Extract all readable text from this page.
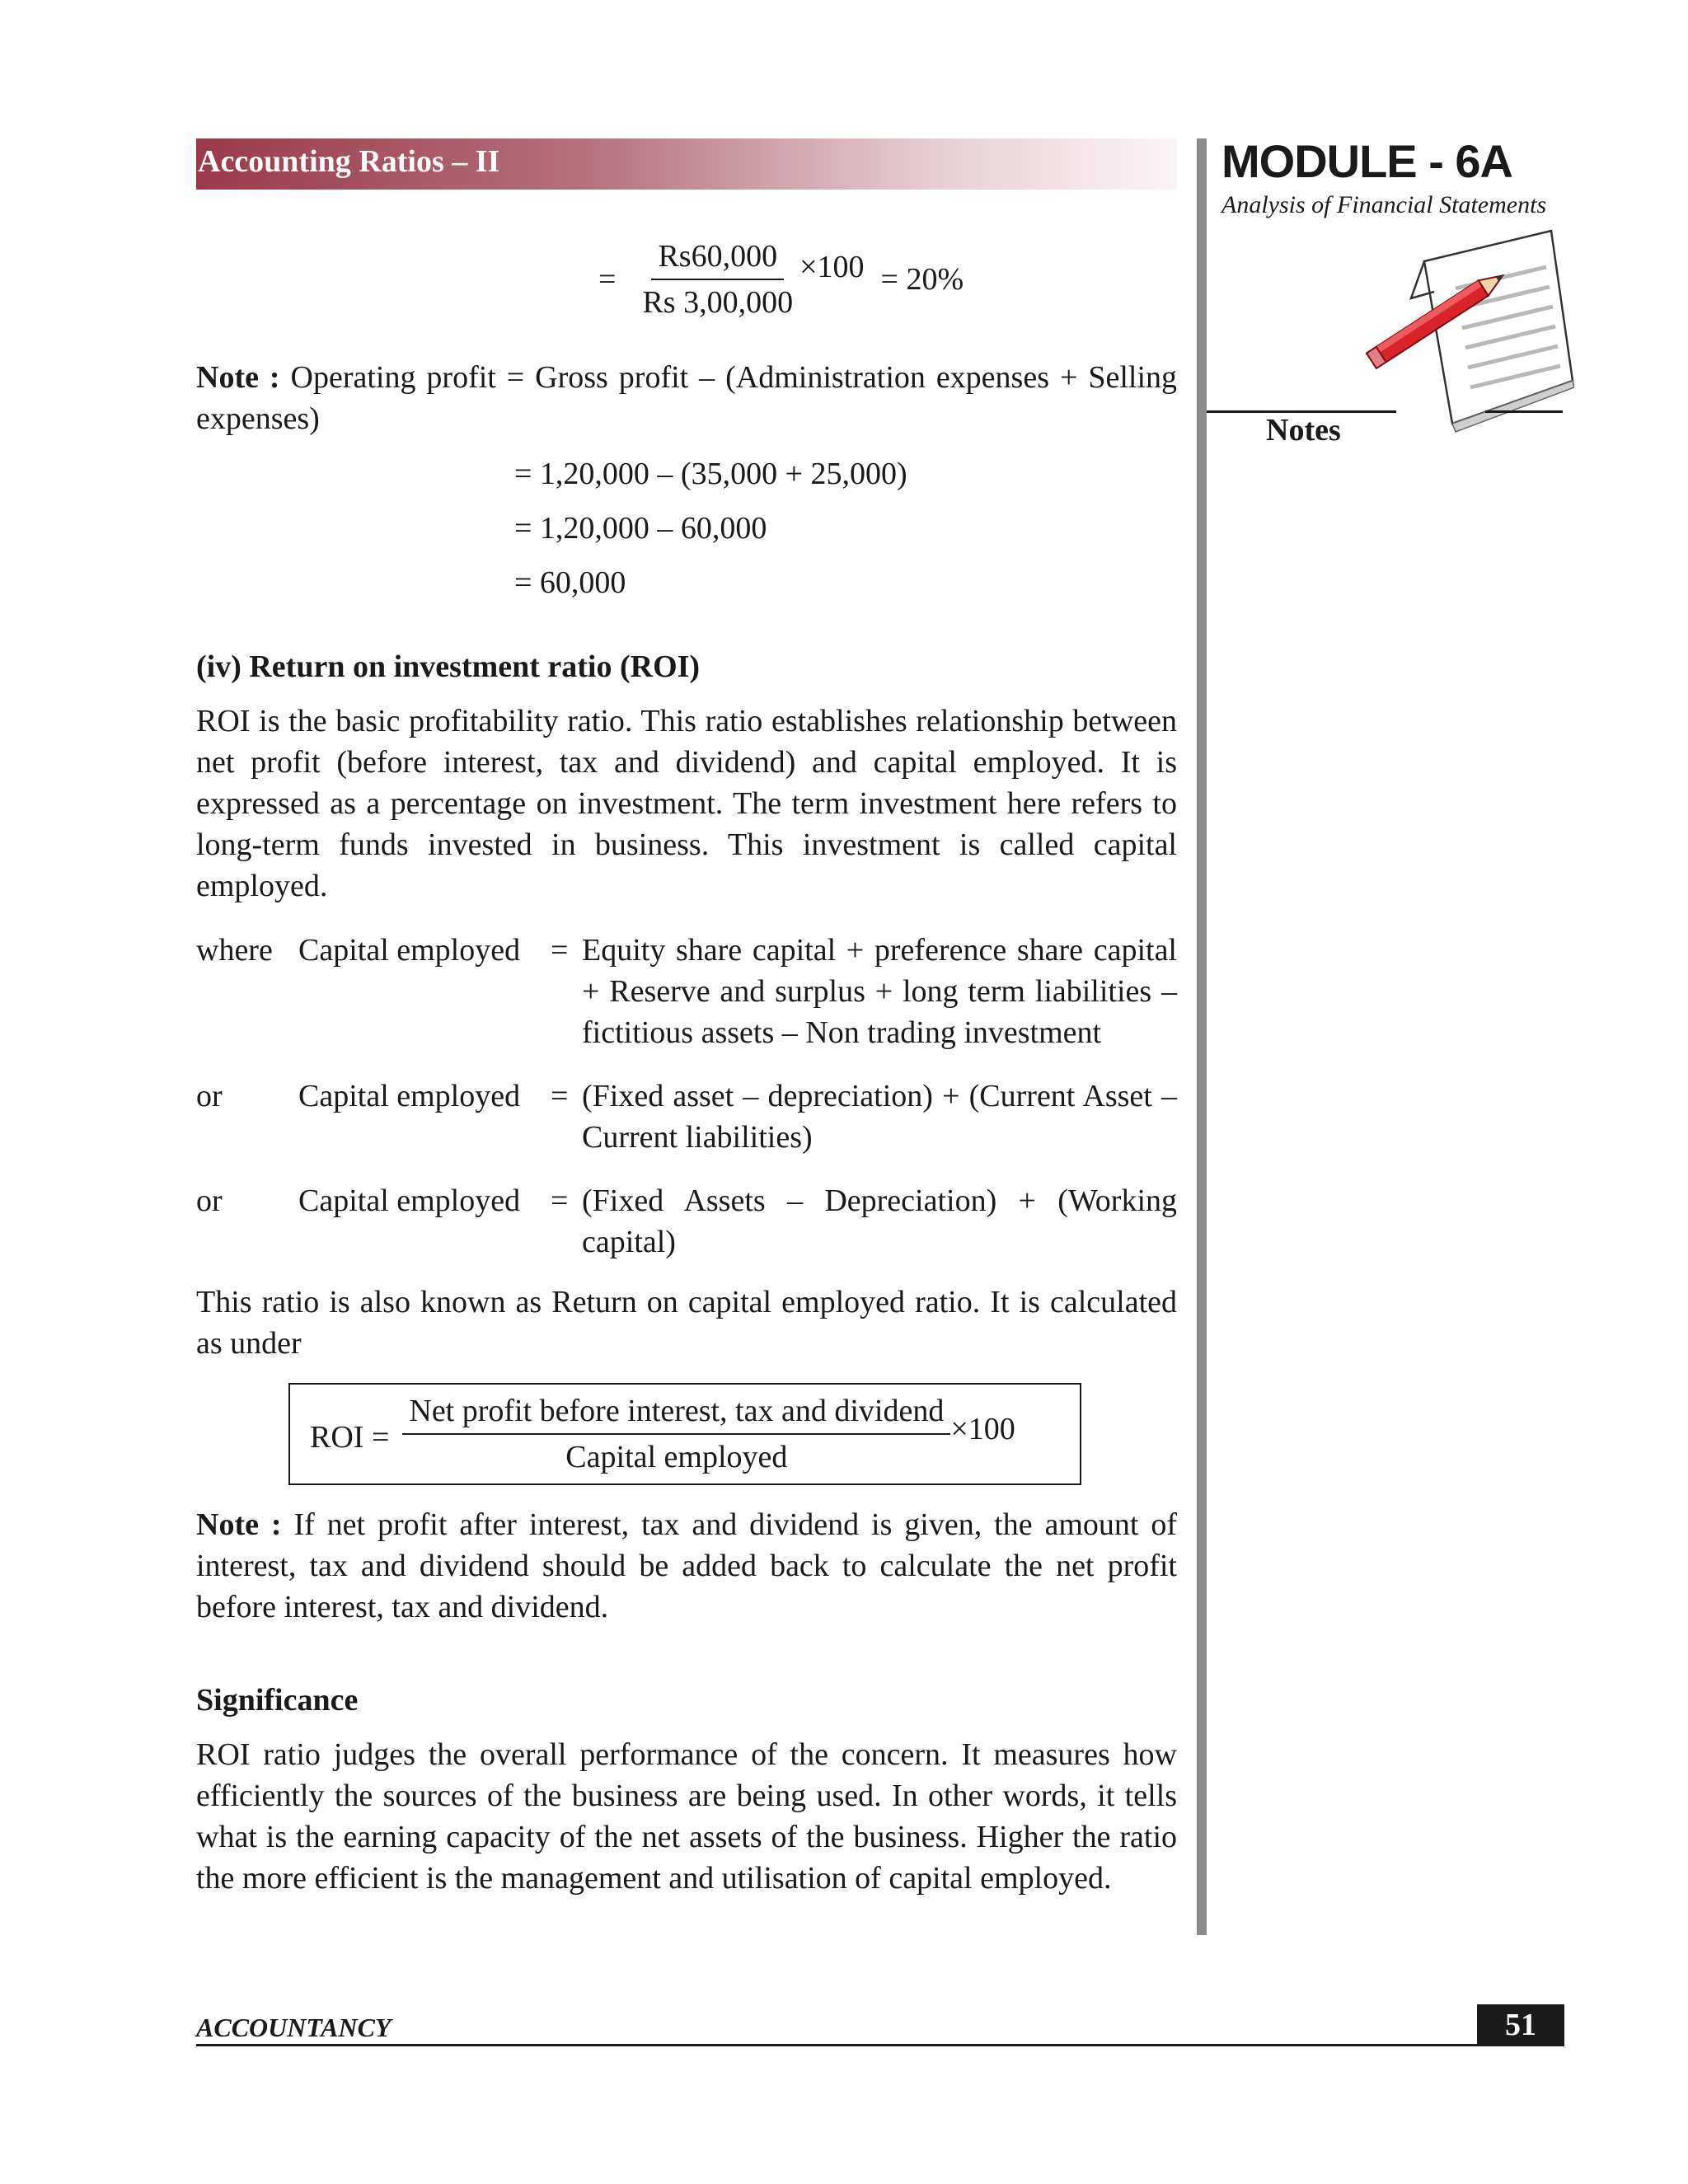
Accounting Ratios – II	MODULE - 6A
Analysis of Financial Statements
Notes
= $\frac{Rs60,000}{Rs 3,00,000} \times 100 = 20\%$
Note : Operating profit = Gross profit – (Administration expenses + Selling expenses)
= 1,20,000 – (35,000 + 25,000)
= 1,20,000 – 60,000
= 60,000
(iv) Return on investment ratio (ROI)
ROI is the basic profitability ratio. This ratio establishes relationship between net profit (before interest, tax and dividend) and capital employed. It is expressed as a percentage on investment. The term investment here refers to long-term funds invested in business. This investment is called capital employed.
where Capital employed = Equity share capital + preference share capital + Reserve and surplus + long term liabilities – fictitious assets – Non trading investment
or Capital employed = (Fixed asset – depreciation) + (Current Asset – Current liabilities)
or Capital employed = (Fixed Assets – Depreciation) + (Working capital)
This ratio is also known as Return on capital employed ratio. It is calculated as under
ROI = $\frac{\text{Net profit before interest, tax and dividend}}{\text{Capital employed}} \times 100$
Note : If net profit after interest, tax and dividend is given, the amount of interest, tax and dividend should be added back to calculate the net profit before interest, tax and dividend.
Significance
ROI ratio judges the overall performance of the concern. It measures how efficiently the sources of the business are being used. In other words, it tells what is the earning capacity of the net assets of the business. Higher the ratio the more efficient is the management and utilisation of capital employed.
ACCOUNTANCY	51
